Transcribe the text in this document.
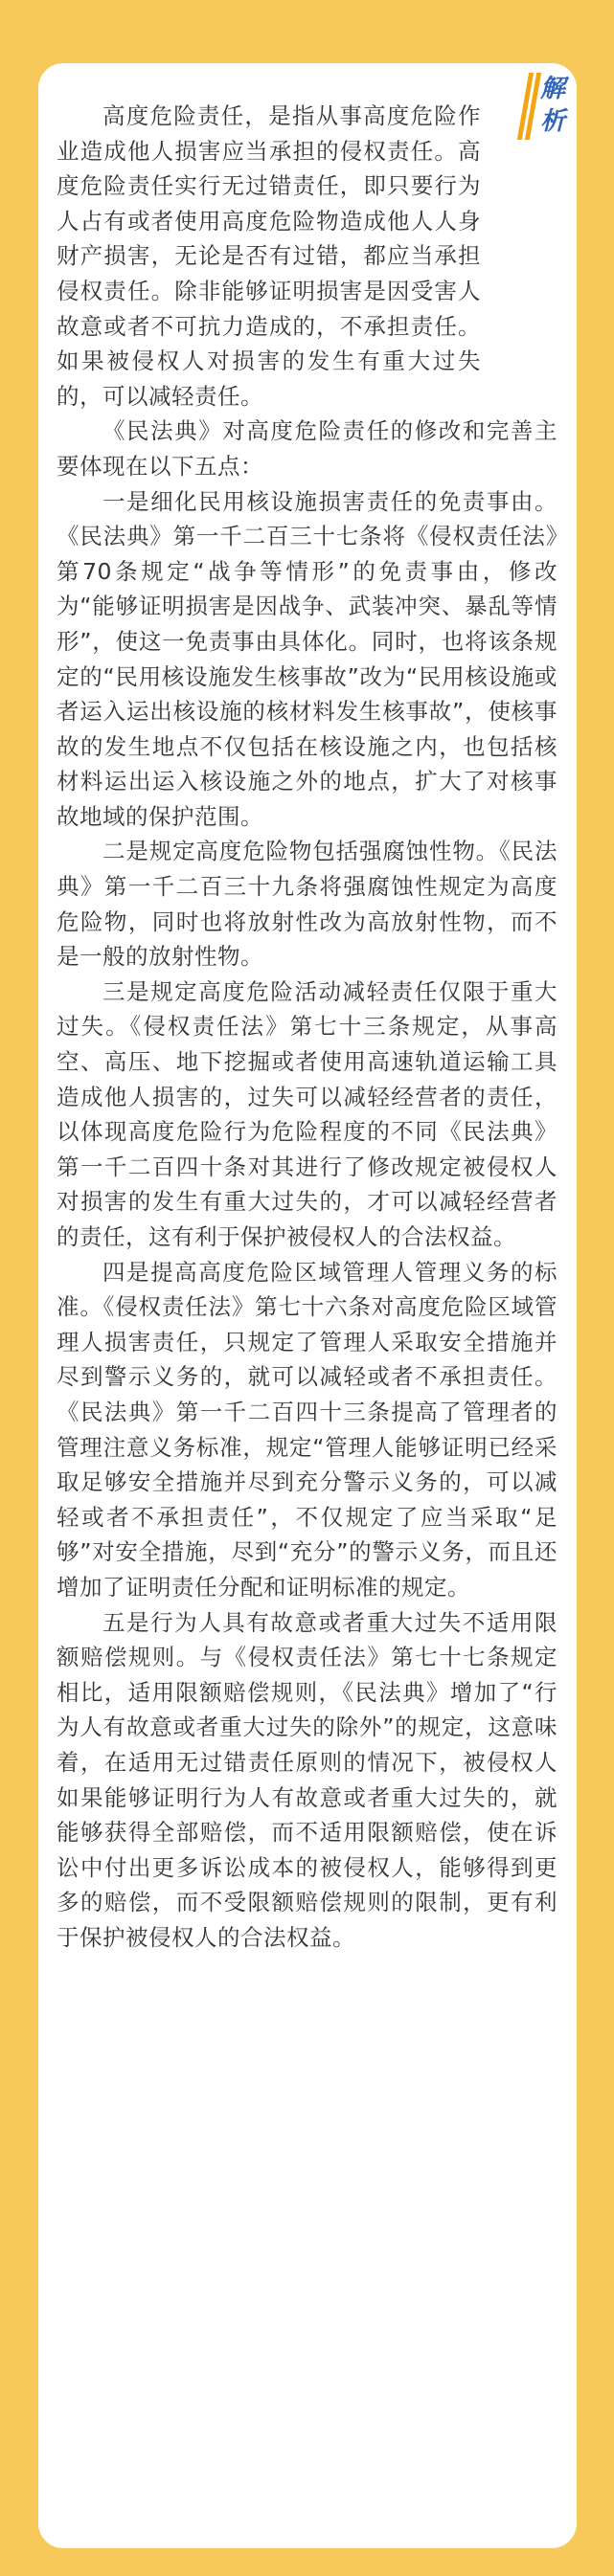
解析

高度危险责任，是指从事高度危险作业造成他人损害应当承担的侵权责任。高度危险责任实行无过错责任，即只要行为人占有或者使用高度危险物造成他人人身财产损害，无论是否有过错，都应当承担侵权责任。除非能够证明损害是因受害人故意或者不可抗力造成的，不承担责任。如果被侵权人对损害的发生有重大过失的，可以减轻责任。

《民法典》对高度危险责任的修改和完善主要体现在以下五点：

一是细化民用核设施损害责任的免责事由。《民法典》第一千二百三十七条将《侵权责任法》第70条规定“战争等情形”的免责事由，修改为“能够证明损害是因战争、武装冲突、暴乱等情形”，使这一免责事由具体化。同时，也将该条规定的“民用核设施发生核事故”改为“民用核设施或者运入运出核设施的核材料发生核事故”，使核事故的发生地点不仅包括在核设施之内，也包括核材料运出运入核设施之外的地点，扩大了对核事故地域的保护范围。

二是规定高度危险物包括强腐蚀性物。《民法典》第一千二百三十九条将强腐蚀性规定为高度危险物，同时也将放射性改为高放射性物，而不是一般的放射性物。

三是规定高度危险活动减轻责任仅限于重大过失。《侵权责任法》第七十三条规定，从事高空、高压、地下挖掘或者使用高速轨道运输工具造成他人损害的，过失可以减轻经营者的责任，以体现高度危险行为危险程度的不同《民法典》第一千二百四十条对其进行了修改规定被侵权人对损害的发生有重大过失的，才可以减轻经营者的责任，这有利于保护被侵权人的合法权益。

四是提高高度危险区域管理人管理义务的标准。《侵权责任法》第七十六条对高度危险区域管理人损害责任，只规定了管理人采取安全措施并尽到警示义务的，就可以减轻或者不承担责任。《民法典》第一千二百四十三条提高了管理者的管理注意义务标准，规定“管理人能够证明已经采取足够安全措施并尽到充分警示义务的，可以减轻或者不承担责任”，不仅规定了应当采取“足够”对安全措施，尽到“充分”的警示义务，而且还增加了证明责任分配和证明标准的规定。

五是行为人具有故意或者重大过失不适用限额赔偿规则。与《侵权责任法》第七十七条规定相比，适用限额赔偿规则，《民法典》增加了“行为人有故意或者重大过失的除外”的规定，这意味着，在适用无过错责任原则的情况下，被侵权人如果能够证明行为人有故意或者重大过失的，就能够获得全部赔偿，而不适用限额赔偿，使在诉讼中付出更多诉讼成本的被侵权人，能够得到更多的赔偿，而不受限额赔偿规则的限制，更有利于保护被侵权人的合法权益。
